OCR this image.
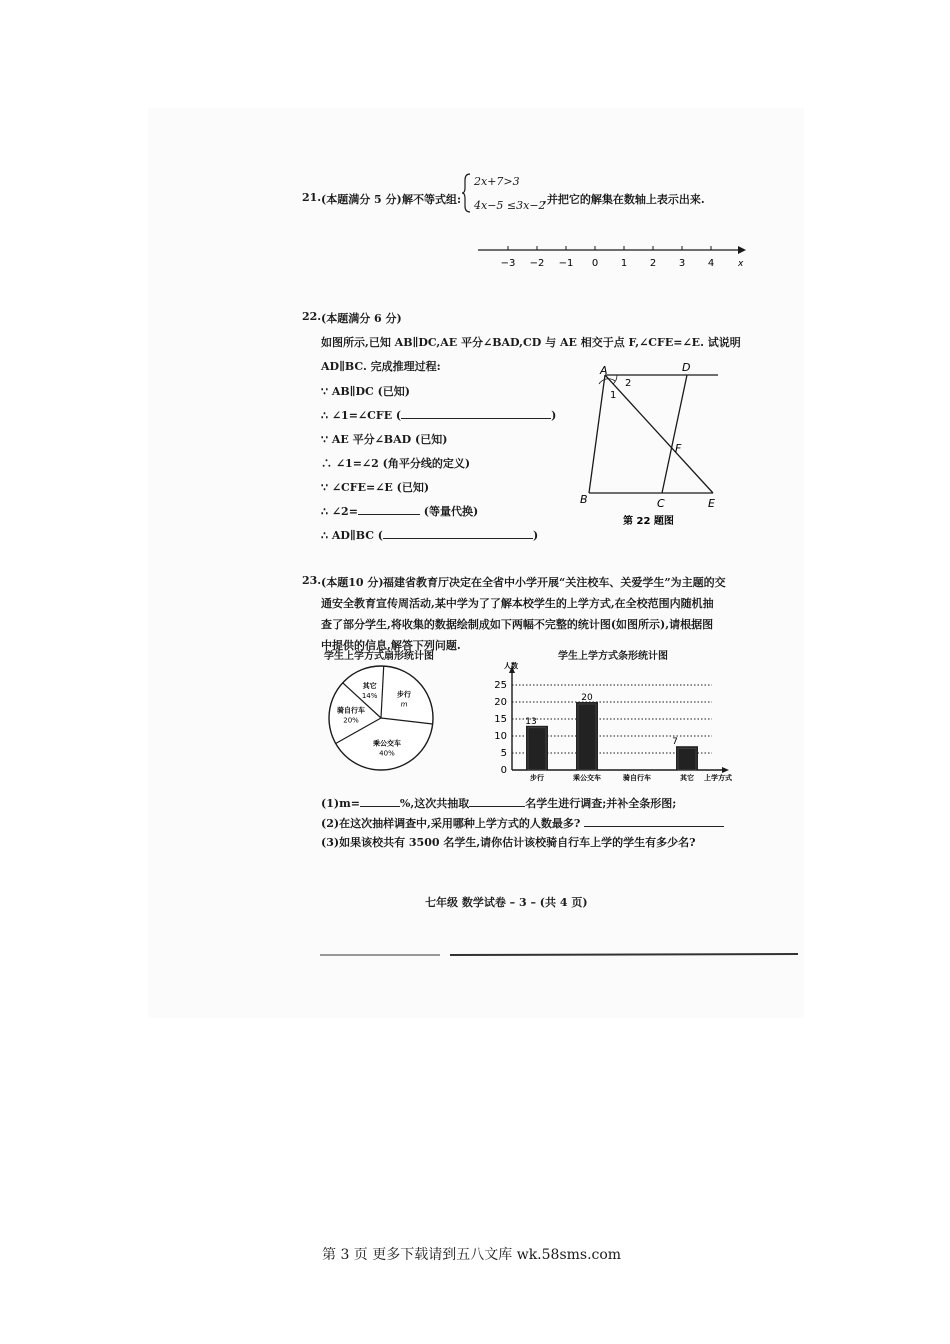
21. (本题满分 5 分) 解不等式组:
2x+7>3
4x−5 ≤3x−2
,并把它的解集在数轴上表示出来.
−3 −2 −1 0 1 2 3 4	x
22. (本题满分 6 分)
如图所示,已知 AB∥DC,AE 平分∠BAD,CD 与 AE 相交于点 F,∠CFE=∠E. 试说明
AD∥BC. 完成推理过程:
∵ AB∥DC (已知)
∴ ∠1=∠CFE (	)
∵ AE 平分∠BAD (已知)
∴ ∠1=∠2 (角平分线的定义)
∵ ∠CFE=∠E (已知)
∴ ∠2=	(等量代换)
∴ AD∥BC (	)
A	D
B	C	E
F
1
2
第 22 题图
23. (本题10 分) 福建省教育厅决定在全省中小学开展“关注校车、关爱学生”为主题的交
通安全教育宣传周活动,某中学为了了解本校学生的上学方式,在全校范围内随机抽
查了部分学生,将收集的数据绘制成如下两幅不完整的统计图(如图所示),请根据图
中提供的信息,解答下列问题.
学生上学方式扇形统计图
步行
m
乘公交车
40%
骑自行车
20%
其它
14%
学生上学方式条形统计图
人数
上学方式
0
5
10
15
20
25
13
步行
20
乘公交车	骑自行车
7
其它
(1)m=	%,这次共抽取	名学生进行调查;并补全条形图;
(2)在这次抽样调查中,采用哪种上学方式的人数最多?
(3)如果该校共有 3500 名学生,请你估计该校骑自行车上学的学生有多少名?
七年级 数学试卷 – 3 – (共 4 页)
第 3 页 更多下载请到五八文库 wk.58sms.com
